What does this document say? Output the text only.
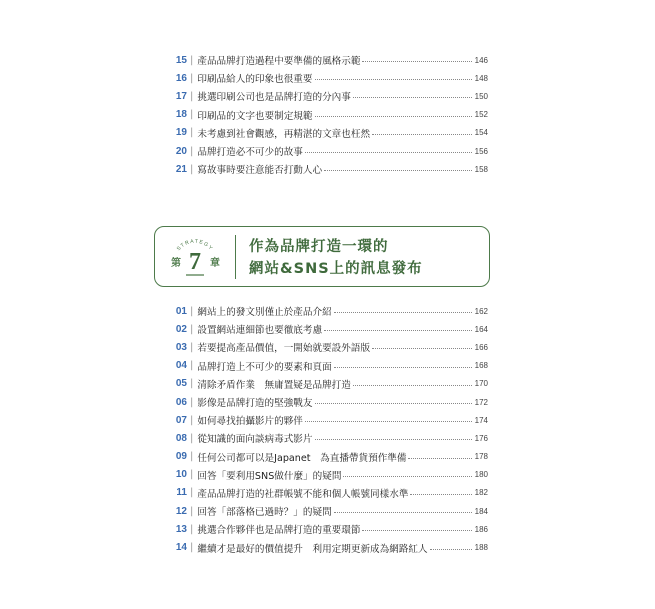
15 | 產品品牌打造過程中要準備的風格示範	146
16 | 印刷品給人的印象也很重要	148
17 | 挑選印刷公司也是品牌打造的分內事	150
18 | 印刷品的文字也要制定規範	152
19 | 未考慮到社會觀感，再精湛的文章也枉然	154
20 | 品牌打造必不可少的故事	156
21 | 寫故事時要注意能否打動人心	158
STRATEGY
第 7 章
作為品牌打造一環的
網站&SNS上的訊息發布
01 | 網站上的發文別僅止於產品介紹	162
02 | 設置網站連細節也要徹底考慮	164
03 | 若要提高產品價值，一開始就要設外語版	166
04 | 品牌打造上不可少的要素和頁面	168
05 | 清除矛盾作業　無庸置疑是品牌打造	170
06 | 影像是品牌打造的堅強戰友	172
07 | 如何尋找拍攝影片的夥伴	174
08 | 從知識的面向談病毒式影片	176
09 | 任何公司都可以是Japanet　為直播帶貨預作準備	178
10 | 回答「要利用SNS做什麼」的疑問	180
11 | 產品品牌打造的社群帳號不能和個人帳號同樣水準	182
12 | 回答「部落格已過時？」的疑問	184
13 | 挑選合作夥伴也是品牌打造的重要環節	186
14 | 繼續才是最好的價值提升　利用定期更新成為網路紅人	188
